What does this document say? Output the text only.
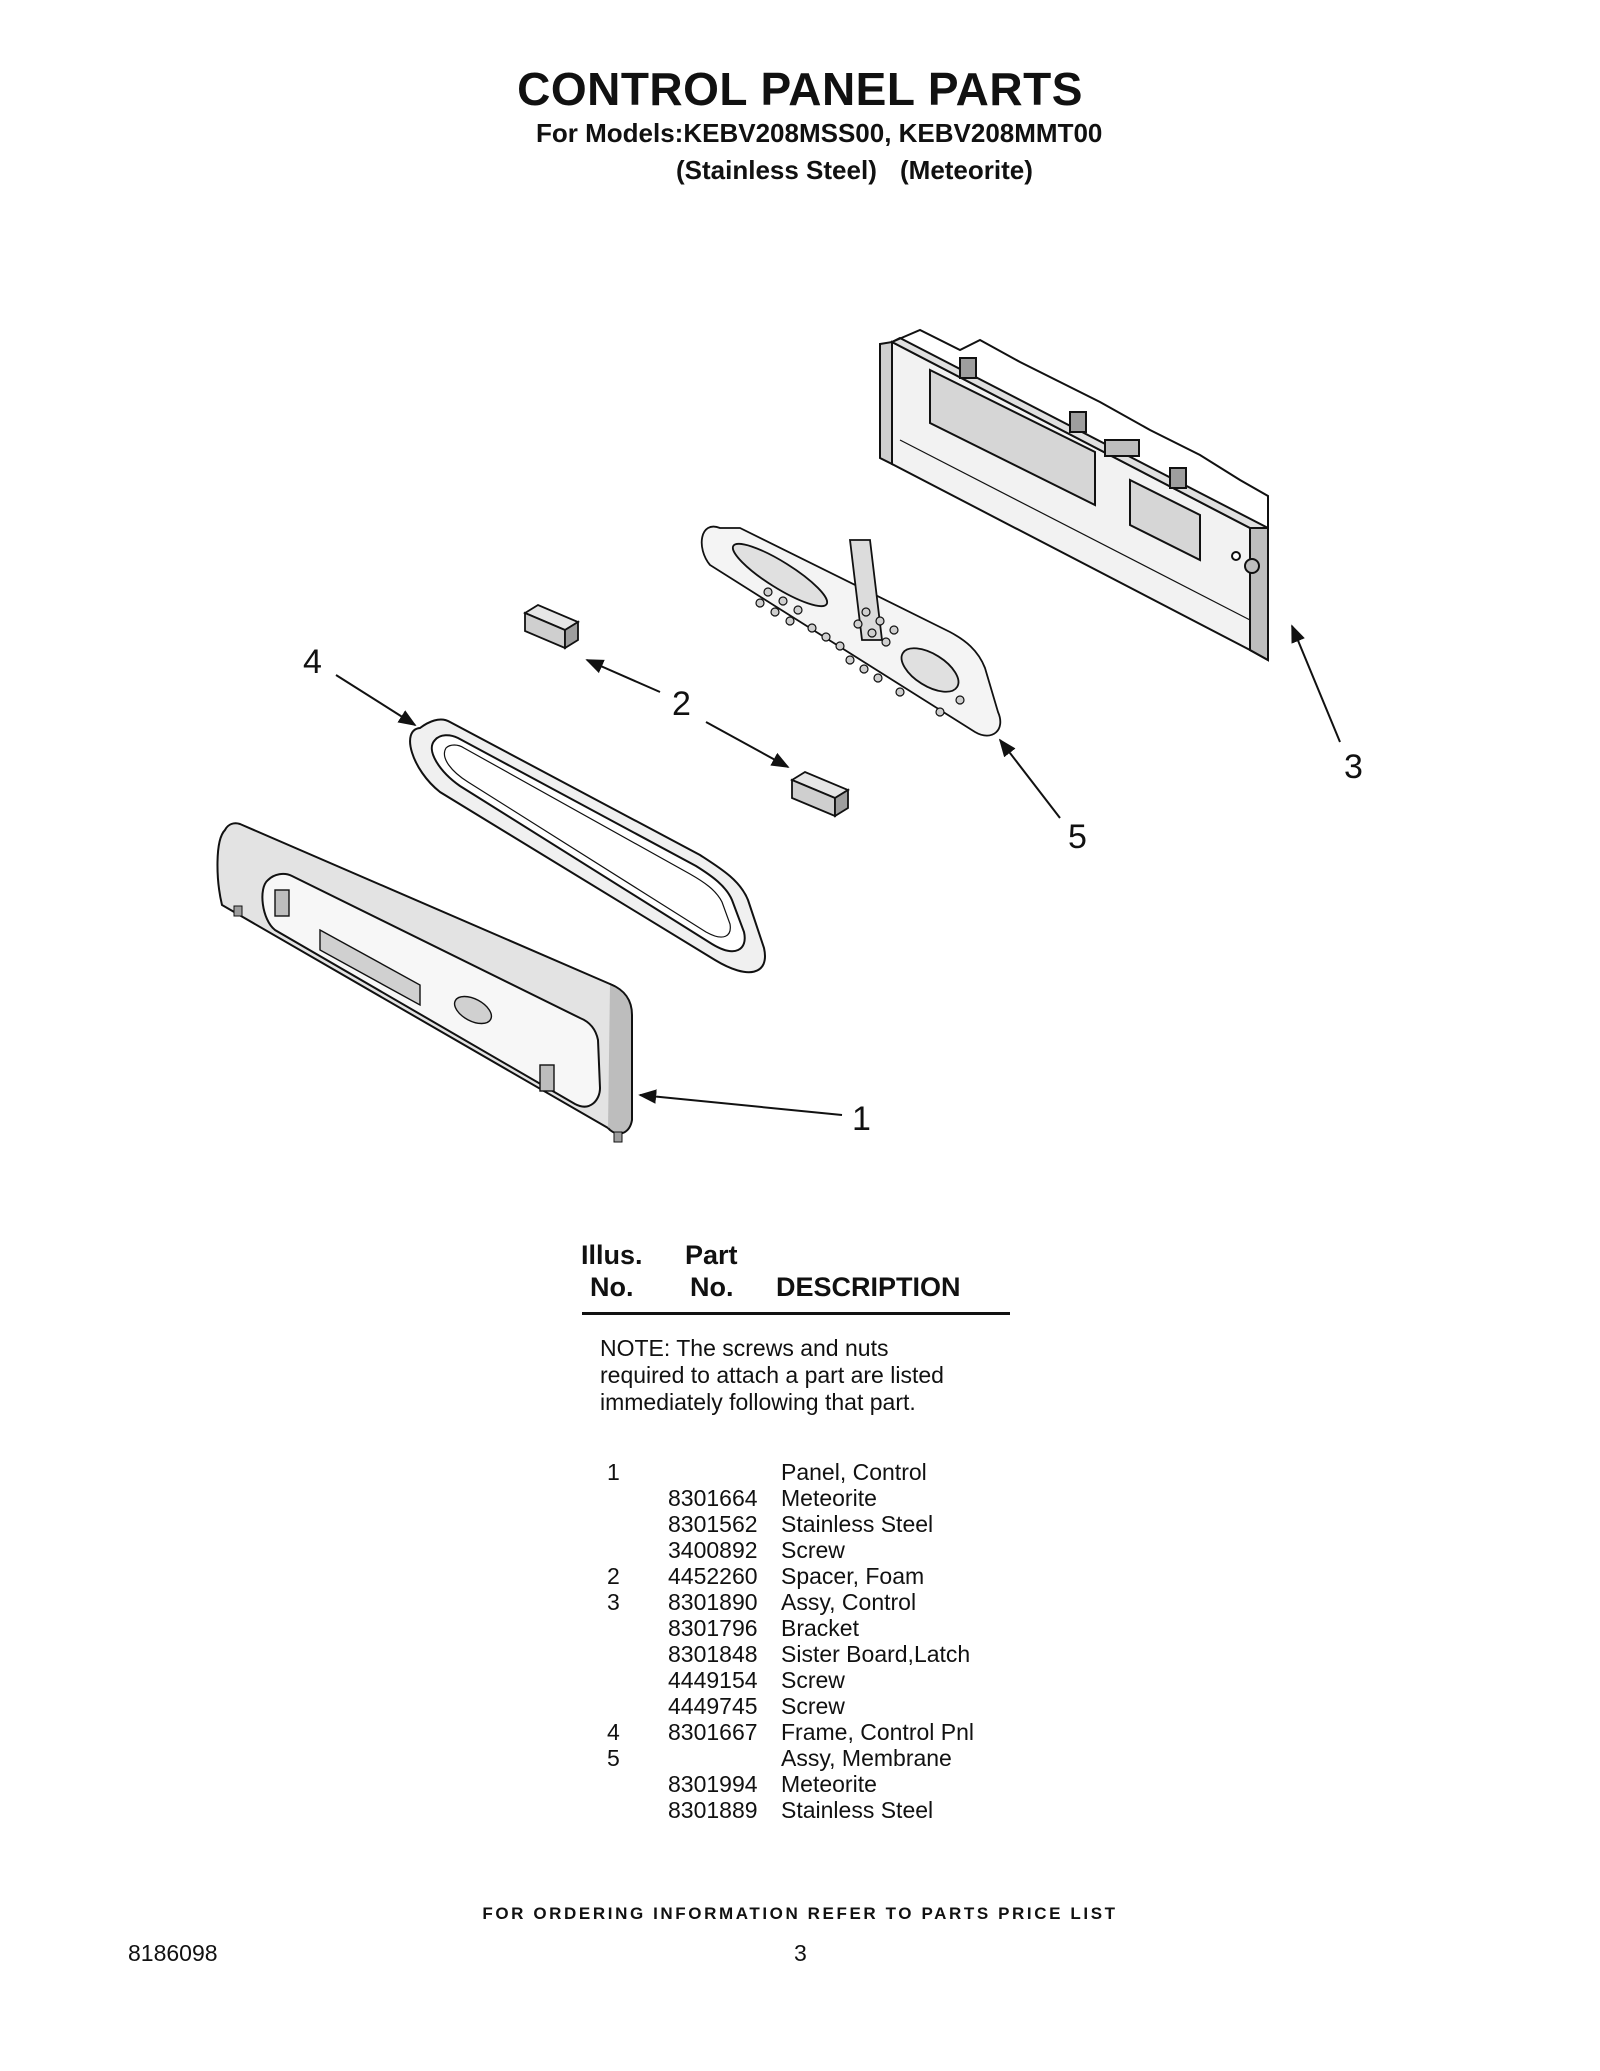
CONTROL PANEL PARTS
For Models:KEBV208MSS00, KEBV208MMT00
(Stainless Steel) (Meteorite)
1
2
3
4
5
Illus.
No.
Part
No. DESCRIPTION
NOTE: The screws and nuts required to attach a part are listed immediately following that part.
1	Panel, Control
8301664 Meteorite
8301562 Stainless Steel
3400892 Screw
2 4452260 Spacer, Foam
3 8301890 Assy, Control
8301796 Bracket
8301848 Sister Board,Latch
4449154 Screw
4449745 Screw
4 8301667 Frame, Control Pnl
5	Assy, Membrane
8301994 Meteorite
8301889 Stainless Steel
FOR ORDERING INFORMATION REFER TO PARTS PRICE LIST
8186098	3
